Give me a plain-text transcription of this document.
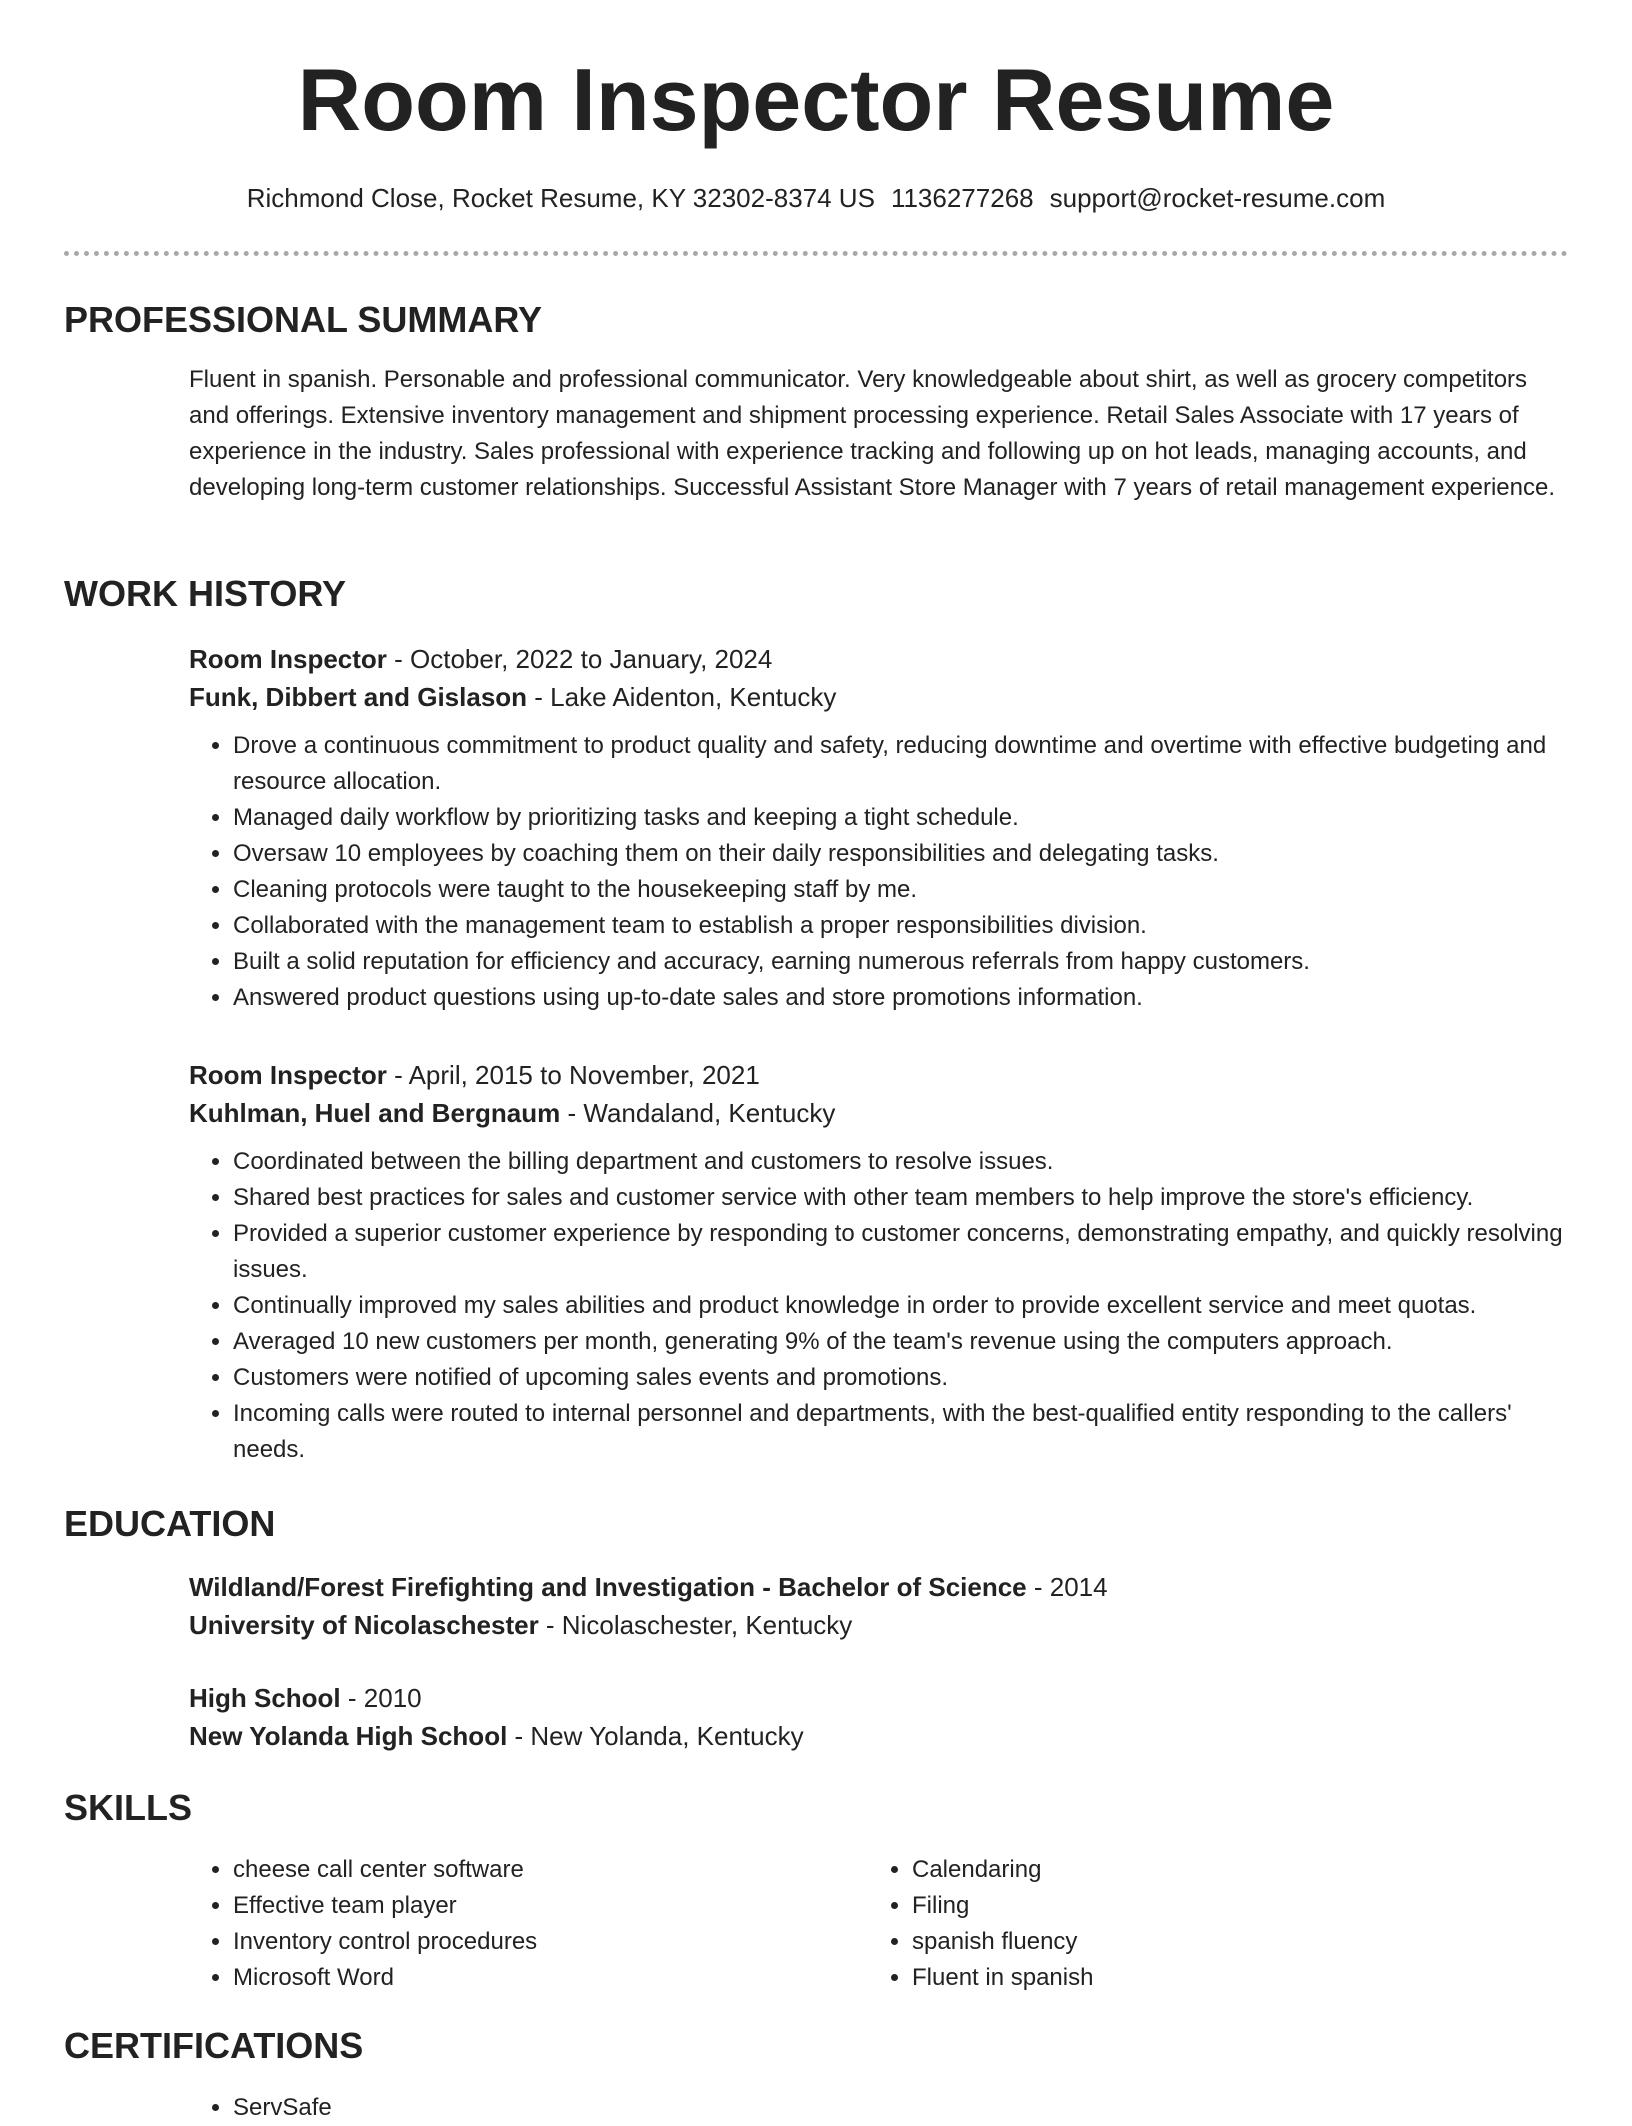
Room Inspector Resume
Richmond Close, Rocket Resume, KY 32302-8374 US 1136277268 support@rocket-resume.com
PROFESSIONAL SUMMARY

Fluent in spanish. Personable and professional communicator. Very knowledgeable about shirt, as well as grocery competitors and offerings. Extensive inventory management and shipment processing experience. Retail Sales Associate with 17 years of experience in the industry. Sales professional with experience tracking and following up on hot leads, managing accounts, and developing long-term customer relationships. Successful Assistant Store Manager with 7 years of retail management experience.

WORK HISTORY

Room Inspector - October, 2022 to January, 2024

Funk, Dibbert and Gislason - Lake Aidenton, Kentucky

• Drove a continuous commitment to product quality and safety, reducing downtime and overtime with effective budgeting and resource allocation.
• Managed daily workflow by prioritizing tasks and keeping a tight schedule.
• Oversaw 10 employees by coaching them on their daily responsibilities and delegating tasks.
• Cleaning protocols were taught to the housekeeping staff by me.
• Collaborated with the management team to establish a proper responsibilities division.
• Built a solid reputation for efficiency and accuracy, earning numerous referrals from happy customers.
• Answered product questions using up-to-date sales and store promotions information.

Room Inspector - April, 2015 to November, 2021

Kuhlman, Huel and Bergnaum - Wandaland, Kentucky

• Coordinated between the billing department and customers to resolve issues.
• Shared best practices for sales and customer service with other team members to help improve the store's efficiency.
• Provided a superior customer experience by responding to customer concerns, demonstrating empathy, and quickly resolving issues.
• Continually improved my sales abilities and product knowledge in order to provide excellent service and meet quotas.
• Averaged 10 new customers per month, generating 9% of the team's revenue using the computers approach.
• Customers were notified of upcoming sales events and promotions.
• Incoming calls were routed to internal personnel and departments, with the best-qualified entity responding to the callers' needs.
EDUCATION

Wildland/Forest Firefighting and Investigation - Bachelor of Science - 2014

University of Nicolaschester - Nicolaschester, Kentucky

High School - 2010

New Yolanda High School - New Yolanda, Kentucky

SKILLS
• cheese call center software
• Effective team player
• Inventory control procedures
• Microsoft Word
• Calendaring
• Filing
• spanish fluency
• Fluent in spanish
CERTIFICATIONS
• ServSafe
